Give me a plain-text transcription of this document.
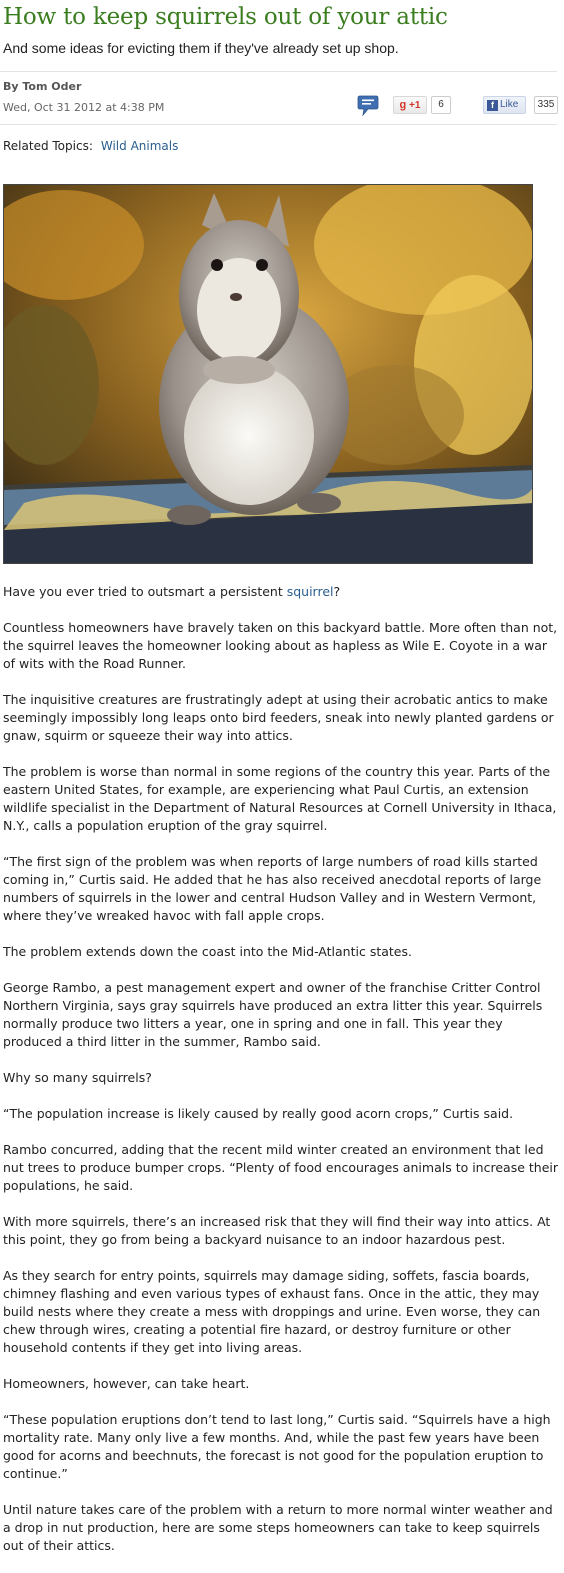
How to keep squirrels out of your attic

And some ideas for evicting them if they've already set up shop.

By Tom Oder
Wed, Oct 31 2012 at 4:38 PM	g +1	6	f Like	335
Related Topics: Wild Animals

Have you ever tried to outsmart a persistent squirrel?

Countless homeowners have bravely taken on this backyard battle. More often than not, the squirrel leaves the homeowner looking about as hapless as Wile E. Coyote in a war of wits with the Road Runner.

The inquisitive creatures are frustratingly adept at using their acrobatic antics to make seemingly impossibly long leaps onto bird feeders, sneak into newly planted gardens or gnaw, squirm or squeeze their way into attics.

The problem is worse than normal in some regions of the country this year. Parts of the eastern United States, for example, are experiencing what Paul Curtis, an extension wildlife specialist in the Department of Natural Resources at Cornell University in Ithaca, N.Y., calls a population eruption of the gray squirrel.

“The first sign of the problem was when reports of large numbers of road kills started coming in,” Curtis said. He added that he has also received anecdotal reports of large numbers of squirrels in the lower and central Hudson Valley and in Western Vermont, where they’ve wreaked havoc with fall apple crops.

The problem extends down the coast into the Mid-Atlantic states.

George Rambo, a pest management expert and owner of the franchise Critter Control Northern Virginia, says gray squirrels have produced an extra litter this year. Squirrels normally produce two litters a year, one in spring and one in fall. This year they produced a third litter in the summer, Rambo said.

Why so many squirrels?

“The population increase is likely caused by really good acorn crops,” Curtis said.

Rambo concurred, adding that the recent mild winter created an environment that led nut trees to produce bumper crops. “Plenty of food encourages animals to increase their populations, he said.

With more squirrels, there’s an increased risk that they will find their way into attics. At this point, they go from being a backyard nuisance to an indoor hazardous pest.

As they search for entry points, squirrels may damage siding, soffets, fascia boards, chimney flashing and even various types of exhaust fans. Once in the attic, they may build nests where they create a mess with droppings and urine. Even worse, they can chew through wires, creating a potential fire hazard, or destroy furniture or other household contents if they get into living areas.

Homeowners, however, can take heart.

“These population eruptions don’t tend to last long,” Curtis said. “Squirrels have a high mortality rate. Many only live a few months. And, while the past few years have been good for acorns and beechnuts, the forecast is not good for the population eruption to continue.”

Until nature takes care of the problem with a return to more normal winter weather and a drop in nut production, here are some steps homeowners can take to keep squirrels out of their attics.
